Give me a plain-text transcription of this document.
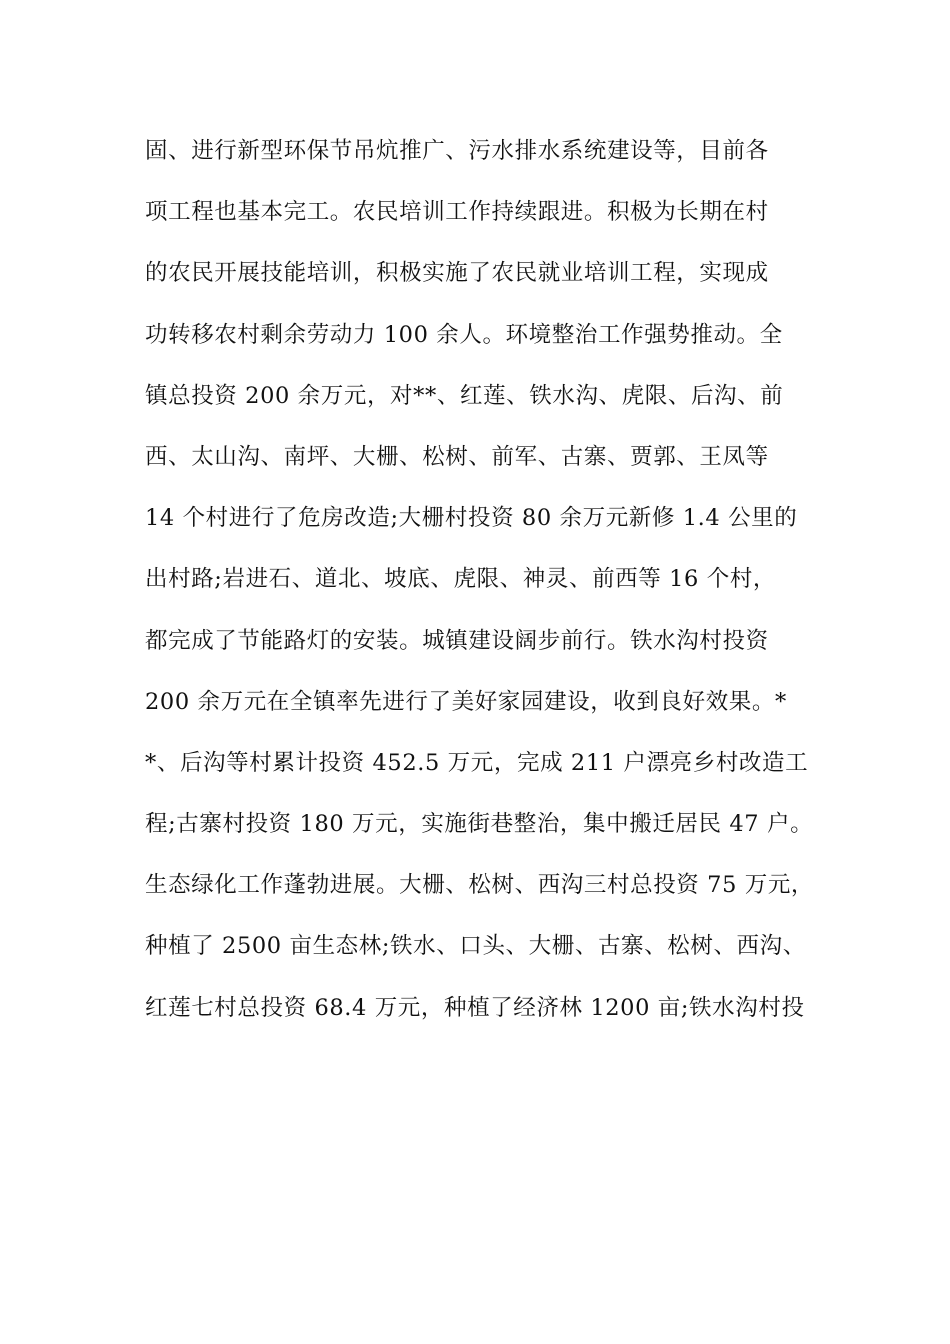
固、进行新型环保节吊炕推广、污水排水系统建设等，目前各
项工程也基本完工。农民培训工作持续跟进。积极为长期在村
的农民开展技能培训，积极实施了农民就业培训工程，实现成
功转移农村剩余劳动力 100 余人。环境整治工作强势推动。全
镇总投资 200 余万元，对**、红莲、铁水沟、虎限、后沟、前
西、太山沟、南坪、大栅、松树、前军、古寨、贾郭、王凤等
14 个村进行了危房改造;大栅村投资 80 余万元新修 1.4 公里的
出村路;岩进石、道北、坡底、虎限、神灵、前西等 16 个村，
都完成了节能路灯的安装。城镇建设阔步前行。铁水沟村投资
200 余万元在全镇率先进行了美好家园建设，收到良好效果。*
*、后沟等村累计投资 452.5 万元，完成 211 户漂亮乡村改造工
程;古寨村投资 180 万元，实施街巷整治，集中搬迁居民 47 户。
生态绿化工作蓬勃进展。大栅、松树、西沟三村总投资 75 万元，
种植了 2500 亩生态林;铁水、口头、大栅、古寨、松树、西沟、
红莲七村总投资 68.4 万元，种植了经济林 1200 亩;铁水沟村投
